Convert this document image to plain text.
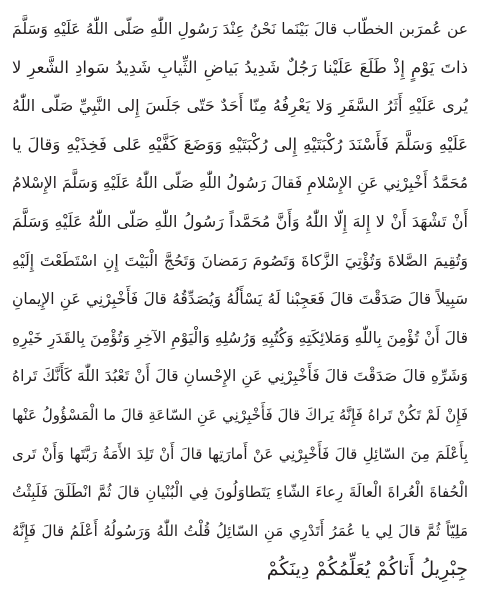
عن عُمرَبن الخطّاب قالَ بَيْنَما نَحْنُ عِنْدَ رَسُولِ اللّٰهِ صَلّى اللّٰهُ عَلَيْهِ وَسَلَّمَ
ذاتَ يَوْمٍ إِذْ طَلَعَ عَلَيْنا رَجُلٌ شَدِيدُ بَياضِ الثِّيابِ شَدِيدُ سَوادِ الشَّعرِ لا
يُرى عَلَيْهِ أَثَرُ السَّفَرِ وَلا يَعْرِفُهُ مِنّا أَحَدٌ حَتّى جَلَسَ إِلى النَّبِيِّ صَلّى اللّٰهُ
عَلَيْهِ وَسَلَّمَ فَأَسْنَدَ رُكْبَتَيْهِ إِلى رُكْبَتَيْهِ وَوَضَعَ كَفَّيْهِ عَلى فَخِذَيْهِ وَقالَ يا
مُحَمَّدُ أَخْبِرْنِي عَنِ الإِسْلامِ فَقالَ رَسُولُ اللّٰهِ صَلّى اللّٰهُ عَلَيْهِ وَسَلَّمَ الإِسْلامُ
أَنْ تَشْهَدَ أَنْ لا إِلهَ إِلّا اللّٰهُ وَأَنَّ مُحَمَّداً رَسُولُ اللّٰهِ صَلّى اللّٰهُ عَلَيْهِ وَسَلَّمَ
وَتُقِيمَ الصَّلاةَ وَتُؤْتِيَ الزَّكاةَ وَتَصُومَ رَمَضانَ وَتَحُجَّ الْبَيْتَ إِنِ اسْتَطَعْتَ إِلَيْهِ
سَبِيلاً قالَ صَدَقْتَ قالَ فَعَجِبْنا لَهُ يَسْأَلُهُ وَيُصَدِّقُهُ قالَ فَأَخْبِرْنِي عَنِ الإِيمانِ
قالَ أَنْ تُؤْمِنَ بِاللّٰهِ وَمَلائِكَتِهِ وَكُتُبِهِ وَرُسُلِهِ وَالْيَوْمِ الآخِرِ وَتُؤْمِنَ بِالقَدَرِ خَيْرِهِ
وَشَرِّهِ قالَ صَدَقْتَ قالَ فَأَخْبِرْنِي عَنِ الإِحْسانِ قالَ أَنْ تَعْبُدَ اللّٰهَ كَأَنَّكَ تَراهُ
فَإِنْ لَمْ تَكُنْ تَراهُ فَإِنَّهُ يَراكَ قالَ فَأَخْبِرْنِي عَنِ السّاعَةِ قالَ ما الْمَسْؤُولُ عَنْها
بِأَعْلَمَ مِنَ السّائِلِ قالَ فَأَخْبِرْنِي عَنْ أَمارَتِها قالَ أَنْ تَلِدَ الأَمَةُ رَبَّتَها وَأَنْ تَرى
الْحُفاةَ الْعُراةَ الْعالَةَ رِعاءَ الشّاءِ يَتَطاوَلُونَ فِي الْبُنْيانِ قالَ ثُمَّ انْطَلَقَ فَلَبِثْتُ
مَلِيّاً ثُمَّ قالَ لِي يا عُمَرُ أَتَدْرِي مَنِ السّائِلُ قُلْتُ اللّٰهُ وَرَسُولُهُ أَعْلَمُ قالَ فَإِنَّهُ
جِبْرِيلُ أَتاكُمْ يُعَلِّمُكُمْ دِينَكُمْ
